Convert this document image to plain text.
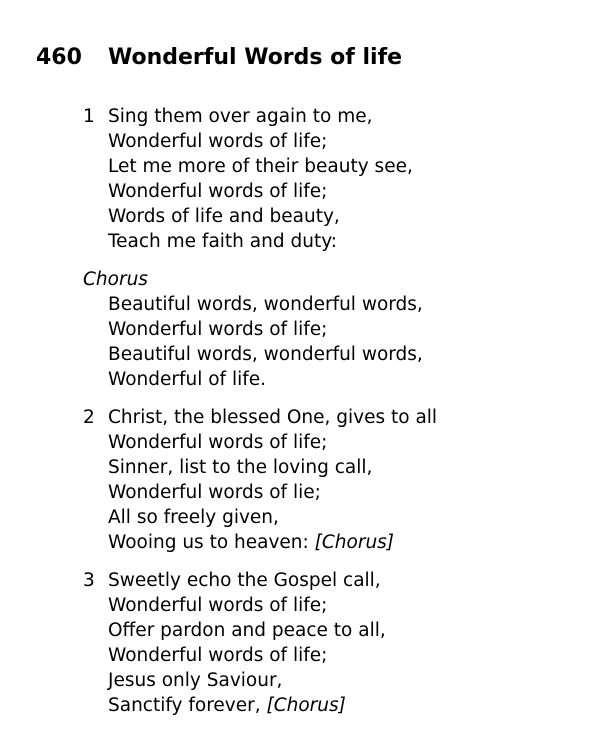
460 Wonderful Words of life
1 Sing them over again to me,
Wonderful words of life;
Let me more of their beauty see,
Wonderful words of life;
Words of life and beauty,
Teach me faith and duty:
Chorus
Beautiful words, wonderful words,
Wonderful words of life;
Beautiful words, wonderful words,
Wonderful of life.
2 Christ, the blessed One, gives to all
Wonderful words of life;
Sinner, list to the loving call,
Wonderful words of lie;
All so freely given,
Wooing us to heaven: [Chorus]
3 Sweetly echo the Gospel call,
Wonderful words of life;
Offer pardon and peace to all,
Wonderful words of life;
Jesus only Saviour,
Sanctify forever, [Chorus]
